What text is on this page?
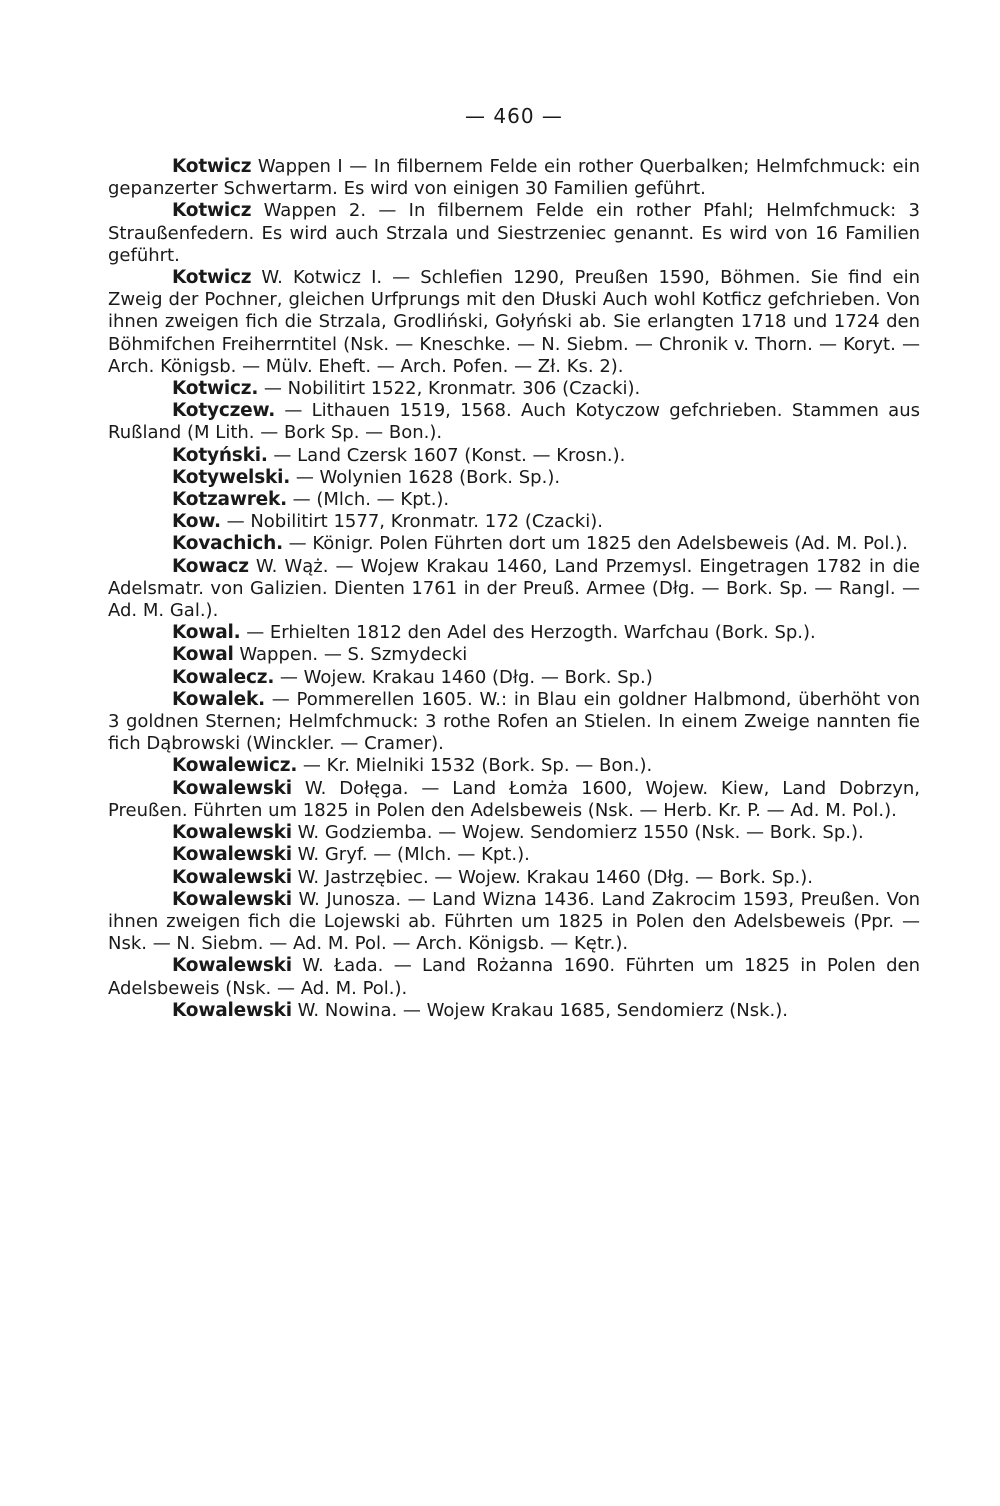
— 460 —

Kotwicz Wappen I — In filbernem Felde ein rother Querbalken; Helmfchmuck: ein gepanzerter Schwertarm. Es wird von einigen 30 Familien geführt.

Kotwicz Wappen 2. — In filbernem Felde ein rother Pfahl; Helmfchmuck: 3 Straußenfedern. Es wird auch Strzala und Siestrzeniec genannt. Es wird von 16 Familien geführt.

Kotwicz W. Kotwicz I. — Schlefien 1290, Preußen 1590, Böhmen. Sie find ein Zweig der Pochner, gleichen Urfprungs mit den Dłuski Auch wohl Kotficz gefchrieben. Von ihnen zweigen fich die Strzala, Grodliński, Gołyński ab. Sie erlangten 1718 und 1724 den Böhmifchen Freiherrntitel (Nsk. — Kneschke. — N. Siebm. — Chronik v. Thorn. — Koryt. — Arch. Königsb. — Mülv. Eheft. — Arch. Pofen. — Zł. Ks. 2).

Kotwicz. — Nobilitirt 1522, Kronmatr. 306 (Czacki).

Kotyczew. — Lithauen 1519, 1568. Auch Kotyczow gefchrieben. Stammen aus Rußland (M Lith. — Bork Sp. — Bon.).

Kotyński. — Land Czersk 1607 (Konst. — Krosn.).

Kotywelski. — Wolynien 1628 (Bork. Sp.).

Kotzawrek. — (Mlch. — Kpt.).

Kow. — Nobilitirt 1577, Kronmatr. 172 (Czacki).

Kovachich. — Königr. Polen Führten dort um 1825 den Adelsbeweis (Ad. M. Pol.).

Kowacz W. Wąż. — Wojew Krakau 1460, Land Przemysl. Eingetragen 1782 in die Adelsmatr. von Galizien. Dienten 1761 in der Preuß. Armee (Dłg. — Bork. Sp. — Rangl. — Ad. M. Gal.).

Kowal. — Erhielten 1812 den Adel des Herzogth. Warfchau (Bork. Sp.).

Kowal Wappen. — S. Szmydecki

Kowalecz. — Wojew. Krakau 1460 (Dłg. — Bork. Sp.)

Kowalek. — Pommerellen 1605. W.: in Blau ein goldner Halbmond, überhöht von 3 goldnen Sternen; Helmfchmuck: 3 rothe Rofen an Stielen. In einem Zweige nannten fie fich Dąbrowski (Winckler. — Cramer).

Kowalewicz. — Kr. Mielniki 1532 (Bork. Sp. — Bon.).

Kowalewski W. Dołęga. — Land Łomża 1600, Wojew. Kiew, Land Dobrzyn, Preußen. Führten um 1825 in Polen den Adelsbeweis (Nsk. — Herb. Kr. P. — Ad. M. Pol.).

Kowalewski W. Godziemba. — Wojew. Sendomierz 1550 (Nsk. — Bork. Sp.).

Kowalewski W. Gryf. — (Mlch. — Kpt.).

Kowalewski W. Jastrzębiec. — Wojew. Krakau 1460 (Dłg. — Bork. Sp.).

Kowalewski W. Junosza. — Land Wizna 1436. Land Zakrocim 1593, Preußen. Von ihnen zweigen fich die Lojewski ab. Führten um 1825 in Polen den Adelsbeweis (Ppr. — Nsk. — N. Siebm. — Ad. M. Pol. — Arch. Königsb. — Kętr.).

Kowalewski W. Łada. — Land Rożanna 1690. Führten um 1825 in Polen den Adelsbeweis (Nsk. — Ad. M. Pol.).

Kowalewski W. Nowina. — Wojew Krakau 1685, Sendomierz (Nsk.).
